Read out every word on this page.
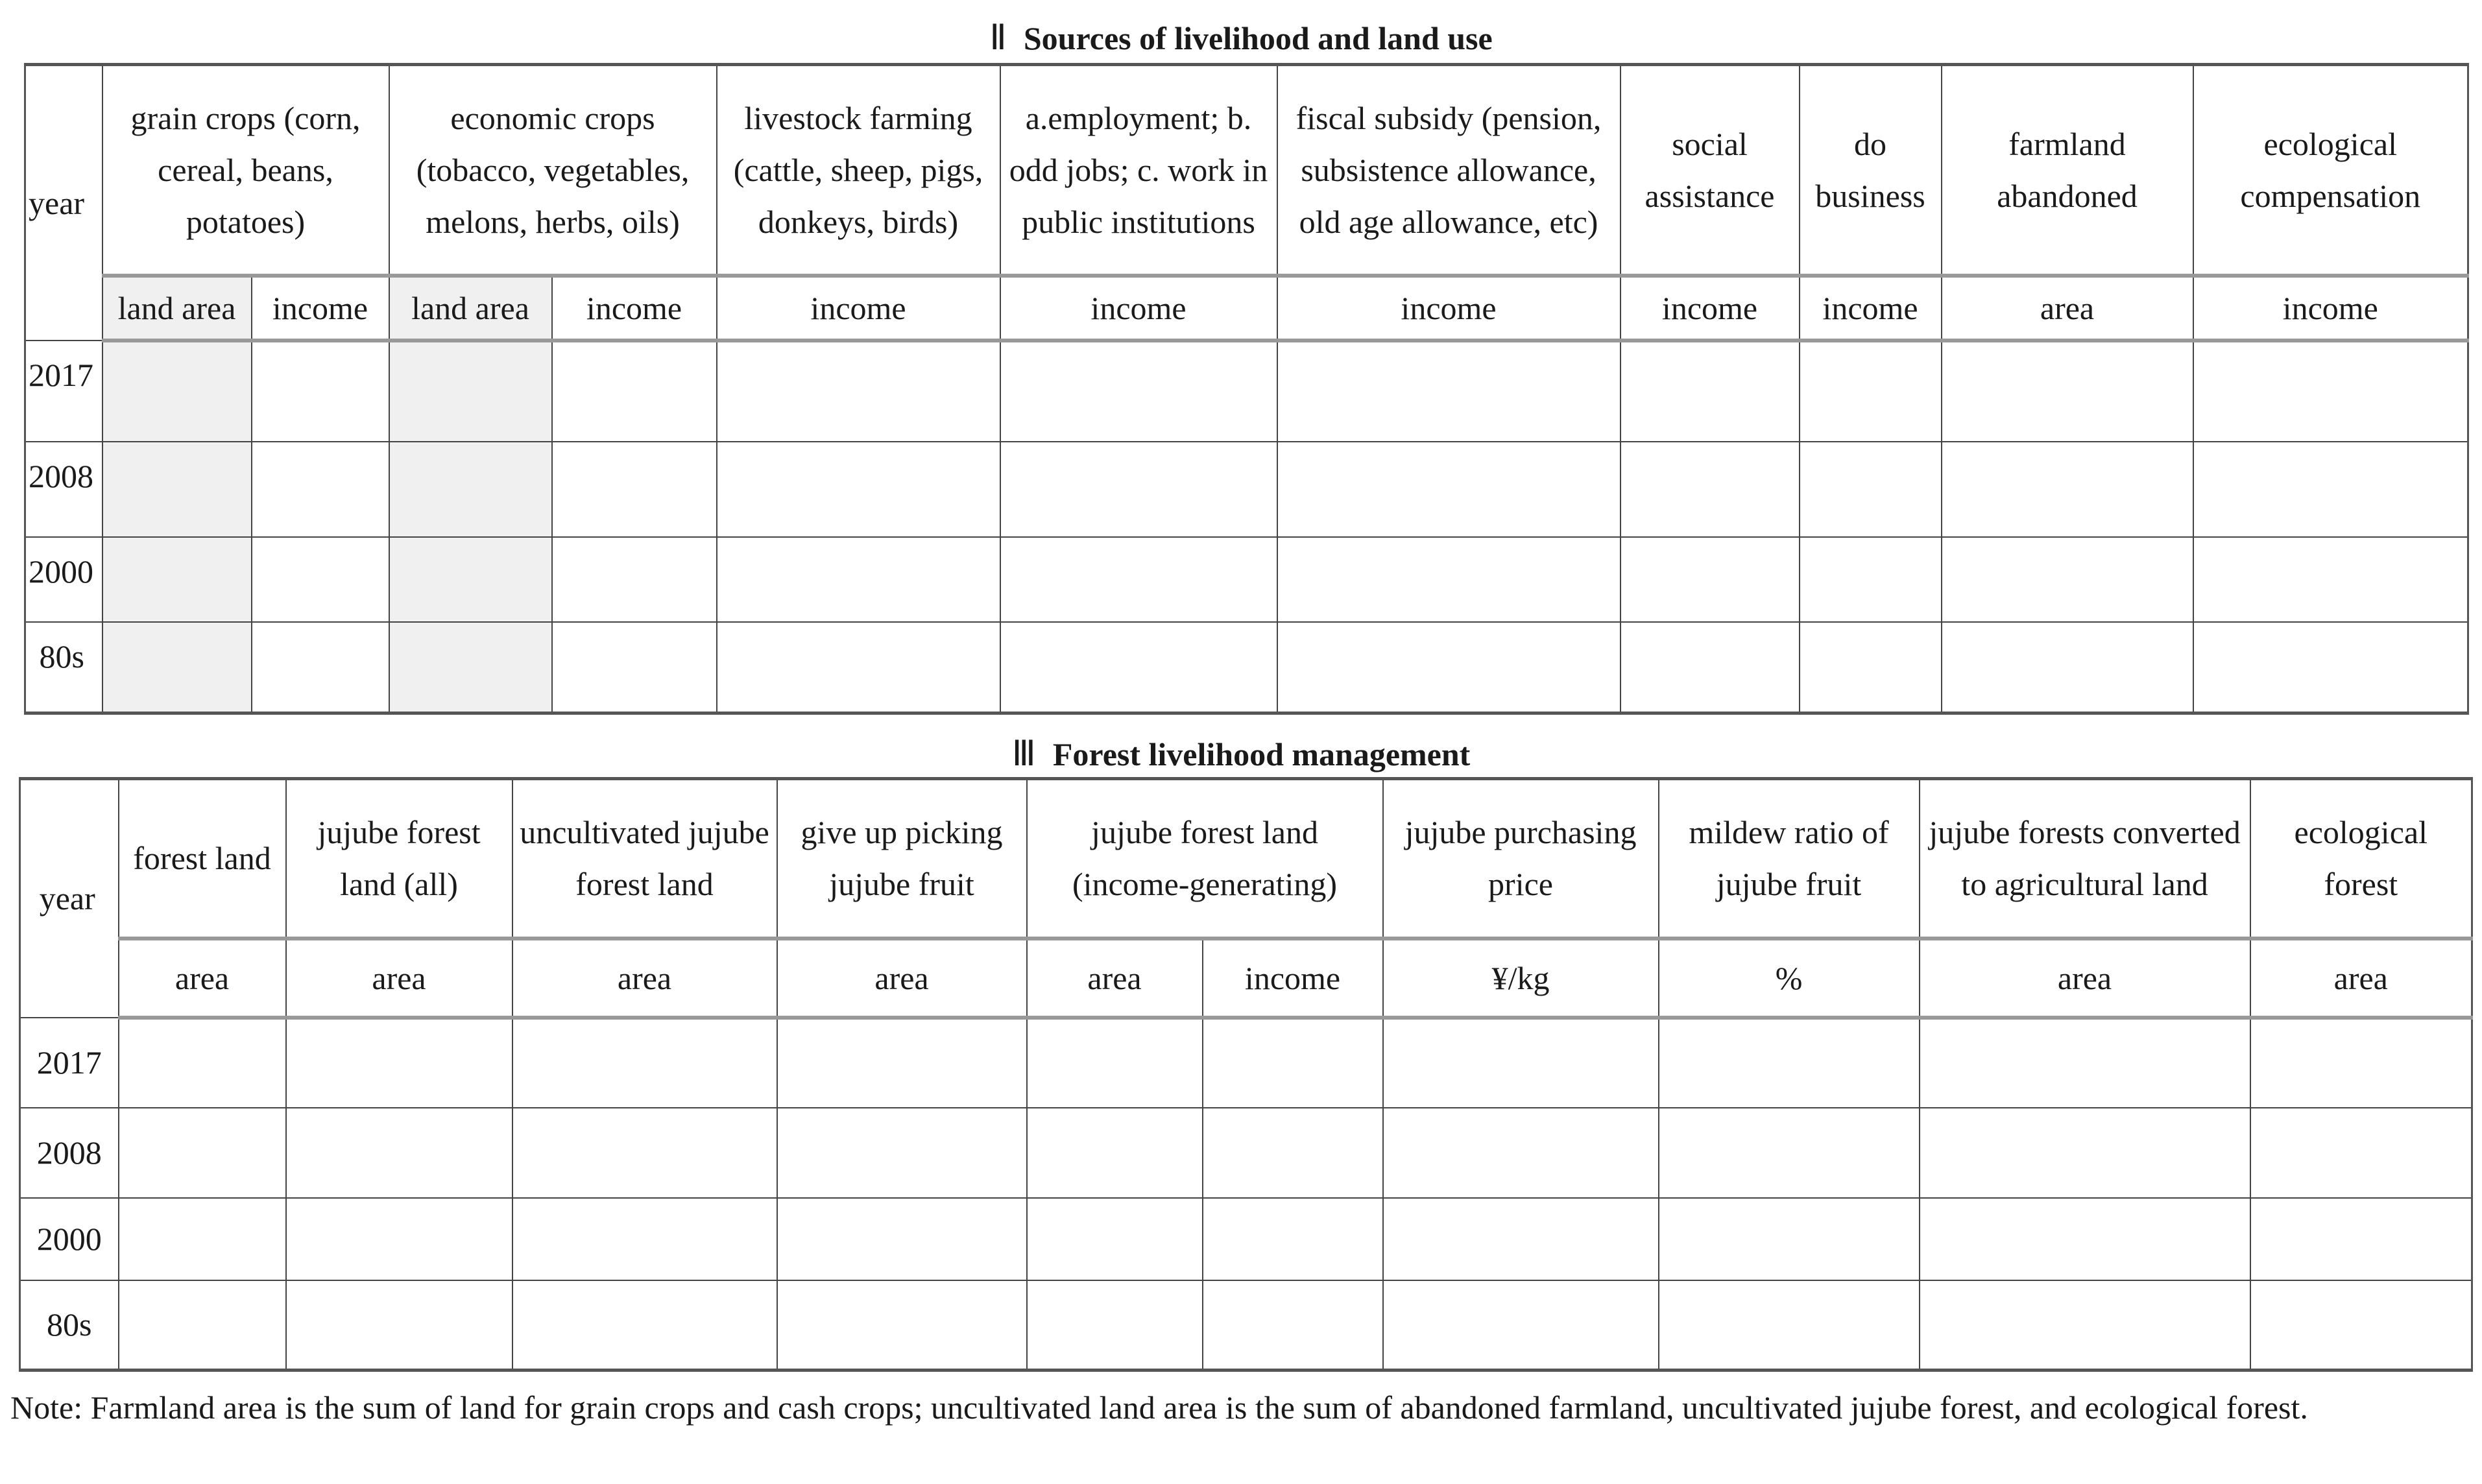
Ⅱ Sources of livelihood and land use
year	grain crops (corn, cereal, beans, potatoes)		economic crops (tobacco, vegetables, melons, herbs, oils)		livestock farming (cattle, sheep, pigs, donkeys, birds)	a.employment; b. odd jobs; c. work in public institutions	fiscal subsidy (pension, subsistence allowance, old age allowance, etc)	social assistance	do business	farmland abandoned	ecological compensation
	land area	income	land area	income	income	income	income	income	income	area	income
2017											
2008											
2000											
80s											
Ⅲ Forest livelihood management
year	forest land	jujube forest land (all)	uncultivated jujube forest land	give up picking jujube fruit	jujube forest land (income-generating)		jujube purchasing price	mildew ratio of jujube fruit	jujube forests converted to agricultural land	ecological forest
	area	area	area	area	area	income	¥/kg	%	area	area
2017										
2008										
2000										
80s										
Note: Farmland area is the sum of land for grain crops and cash crops; uncultivated land area is the sum of abandoned farmland, uncultivated jujube forest, and ecological forest.
